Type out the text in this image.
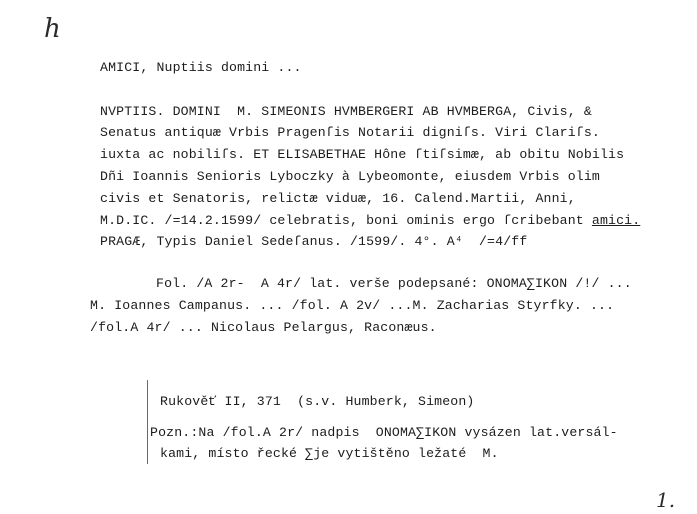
h
AMICI, Nuptiis domini ...
NVPTIIS. DOMINI  M. SIMEONIS HVMBERGERI AB HVMBERGA, Civis, &
Senatus antiquæ Vrbis Pragenſis Notarii digniſs. Viri Clariſs.
iuxta ac nobiliſs. ET ELISABETHAE Hône ſtiſsimæ, ab obitu Nobilis
Dñi Ioannis Senioris Lyboczky à Lybeomonte, eiusdem Vrbis olim
civis et Senatoris, relictæ viduæ, 16. Calend.Martii, Anni,
M.D.IC. /=14.2.1599/ celebratis, boni ominis ergo ſcribebant amici.
PRAGÆ, Typis Daniel Sedeſanus. /1599/. 4°. A⁴  /=4/ff
Fol. /A 2r-  A 4r/ lat. verše podepsané: ONOMA∑IKON /!/ ...
M. Ioannes Campanus. ... /fol. A 2v/ ...M. Zacharias Styrfky. ...
/fol.A 4r/ ... Nicolaus Pelargus, Raconæus.
Rukověť II, 371  (s.v. Humberk, Simeon)
Pozn.:Na /fol.A 2r/ nadpis  ONOMA∑IKON vysázen lat.versál-
kami, místo řecké ∑je vytištěno ležaté  M.
1.
